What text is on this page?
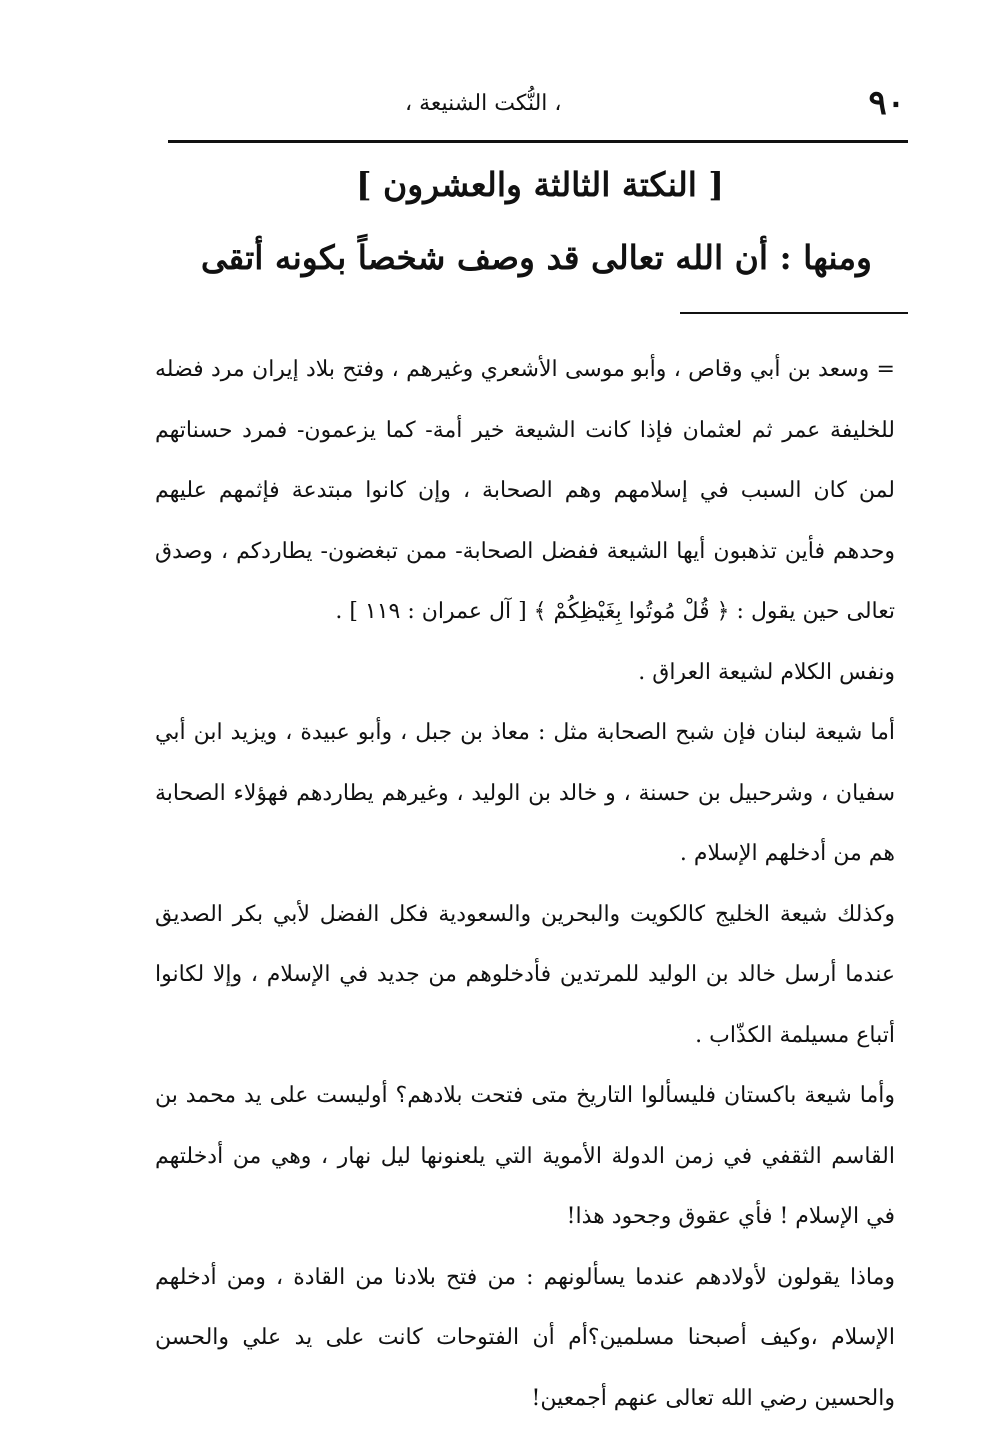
٩٠
، النُّكت الشنيعة ،
[ النكتة الثالثة والعشرون ]
ومنها : أن الله تعالى قد وصف شخصاً بكونه أتقى

= وسعد بن أبي وقاص ، وأبو موسى الأشعري وغيرهم ، وفتح بلاد إيران مرد فضله للخليفة عمر ثم لعثمان فإذا كانت الشيعة خير أمة- كما يزعمون- فمرد حسناتهم لمن كان السبب في إسلامهم وهم الصحابة ، وإن كانوا مبتدعة فإثمهم عليهم وحدهم فأين تذهبون أيها الشيعة ففضل الصحابة- ممن تبغضون- يطاردكم ، وصدق تعالى حين يقول : ﴿ قُلْ مُوتُوا بِغَيْظِكُمْ ﴾ [ آل عمران : ١١٩ ] .

ونفس الكلام لشيعة العراق .

أما شيعة لبنان فإن شبح الصحابة مثل : معاذ بن جبل ، وأبو عبيدة ، ويزيد ابن أبي سفيان ، وشرحبيل بن حسنة ، و خالد بن الوليد ، وغيرهم يطاردهم فهؤلاء الصحابة هم من أدخلهم الإسلام .

وكذلك شيعة الخليج كالكويت والبحرين والسعودية فكل الفضل لأبي بكر الصديق عندما أرسل خالد بن الوليد للمرتدين فأدخلوهم من جديد في الإسلام ، وإلا لكانوا أتباع مسيلمة الكذّاب .

وأما شيعة باكستان فليسألوا التاريخ متى فتحت بلادهم؟ أوليست على يد محمد بن القاسم الثقفي في زمن الدولة الأموية التي يلعنونها ليل نهار ، وهي من أدخلتهم في الإسلام ! فأي عقوق وجحود هذا!

وماذا يقولون لأولادهم عندما يسألونهم : من فتح بلادنا من القادة ، ومن أدخلهم الإسلام ،وكيف أصبحنا مسلمين؟أم أن الفتوحات كانت على يد علي والحسن والحسين رضي الله تعالى عنهم أجمعين!
